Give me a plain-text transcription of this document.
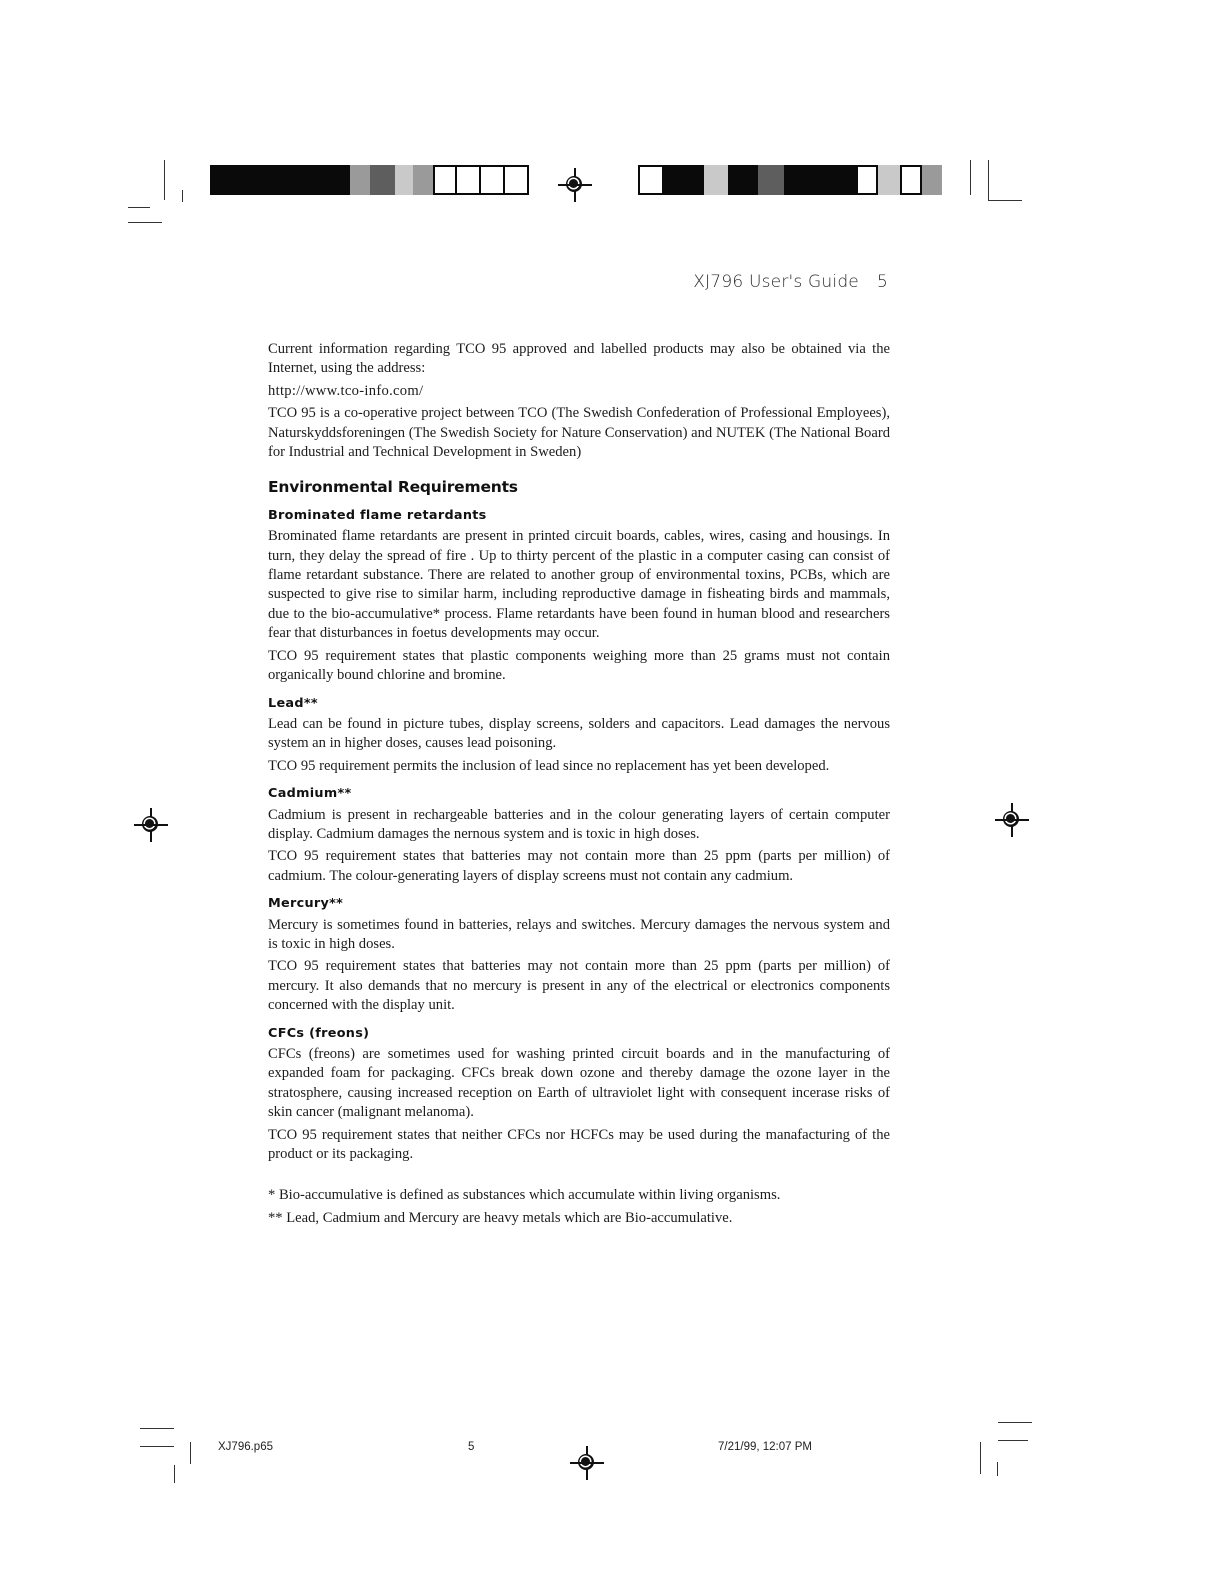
XJ796 User's Guide 5

Current information regarding TCO 95 approved and labelled products may also be obtained via the Internet, using the address:

http://www.tco-info.com/

TCO 95 is a co-operative project between TCO (The Swedish Confederation of Professional Employees), Naturskyddsforeningen (The Swedish Society for Nature Conservation) and NUTEK (The National Board for Industrial and Technical Development in Sweden)

Environmental Requirements
Brominated flame retardants

Brominated flame retardants are present in printed circuit boards, cables, wires, casing and housings. In turn, they delay the spread of fire . Up to thirty percent of the plastic in a computer casing can consist of flame retardant substance. There are related to another group of environmental toxins, PCBs, which are suspected to give rise to similar harm, including reproductive damage in fisheating birds and mammals, due to the bio-accumulative* process. Flame retardants have been found in human blood and researchers fear that disturbances in foetus developments may occur.

TCO 95 requirement states that plastic components weighing more than 25 grams must not contain organically bound chlorine and bromine.

Lead**

Lead can be found in picture tubes, display screens, solders and capacitors. Lead damages the nervous system an in higher doses, causes lead poisoning.

TCO 95 requirement permits the inclusion of lead since no replacement has yet been developed.

Cadmium**

Cadmium is present in rechargeable batteries and in the colour generating layers of certain computer display. Cadmium damages the nernous system and is toxic in high doses.

TCO 95 requirement states that batteries may not contain more than 25 ppm (parts per million) of cadmium. The colour-generating layers of display screens must not contain any cadmium.

Mercury**

Mercury is sometimes found in batteries, relays and switches. Mercury damages the nervous system and is toxic in high doses.

TCO 95 requirement states that batteries may not contain more than 25 ppm (parts per million) of mercury. It also demands that no mercury is present in any of the electrical or electronics components concerned with the display unit.

CFCs (freons)

CFCs (freons) are sometimes used for washing printed circuit boards and in the manufacturing of expanded foam for packaging. CFCs break down ozone and thereby damage the ozone layer in the stratosphere, causing increased reception on Earth of ultraviolet light with consequent incerase risks of skin cancer (malignant melanoma).

TCO 95 requirement states that neither CFCs nor HCFCs may be used during the manafacturing of the product or its packaging.

* Bio-accumulative is defined as substances which accumulate within living organisms.

** Lead, Cadmium and Mercury are heavy metals which are Bio-accumulative.

XJ796.p65	5	7/21/99, 12:07 PM
